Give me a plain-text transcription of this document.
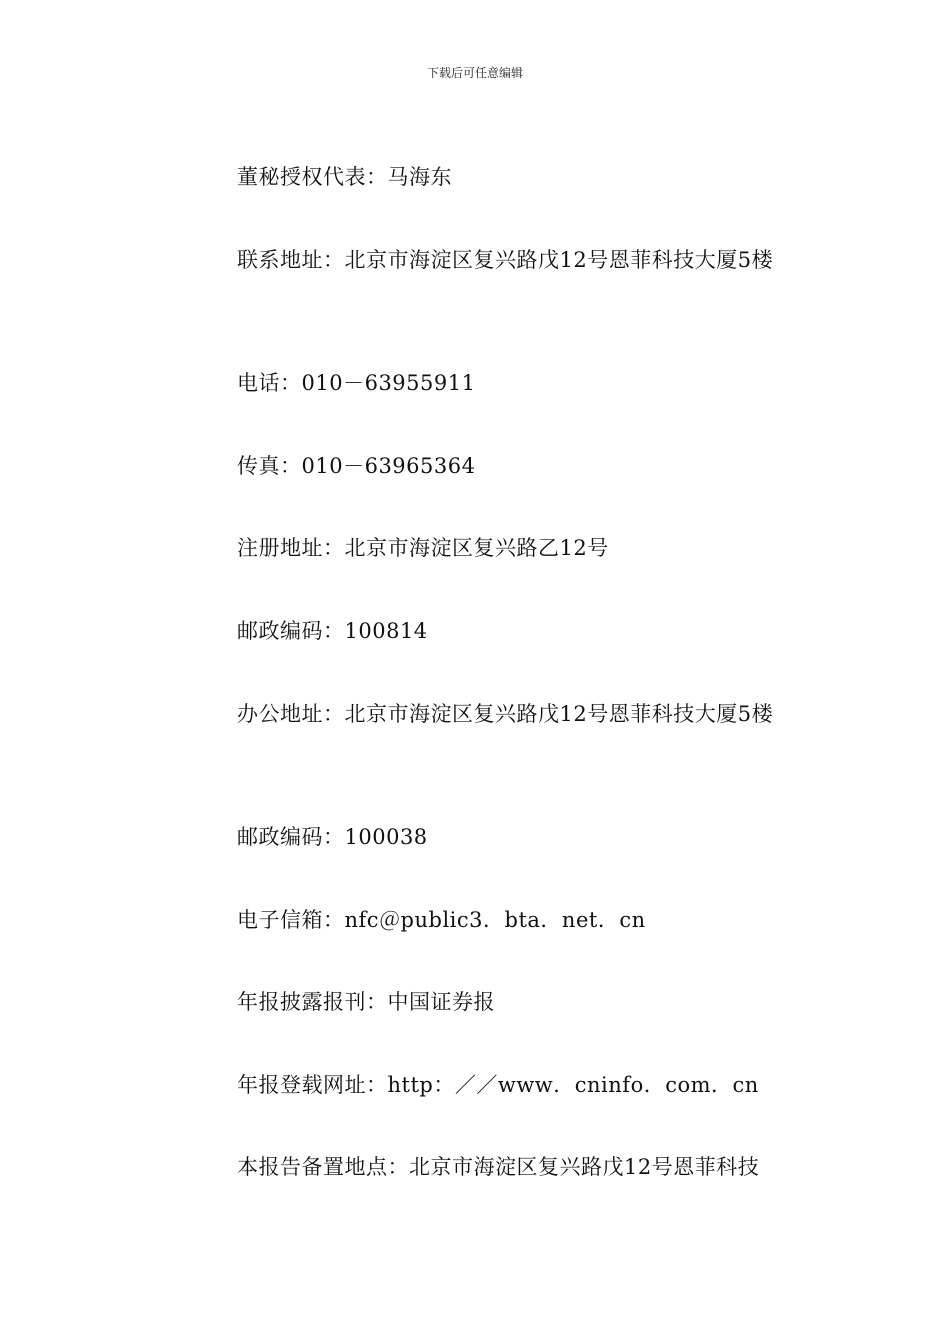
下载后可任意编辑

董秘授权代表：马海东

联系地址：北京市海淀区复兴路戊12号恩菲科技大厦5楼

电话：010－63955911

传真：010－63965364

注册地址：北京市海淀区复兴路乙12号

邮政编码：100814

办公地址：北京市海淀区复兴路戊12号恩菲科技大厦5楼

邮政编码：100038

电子信箱：nfc＠public3．bta．net．cn

年报披露报刊：中国证券报

年报登载网址：http：／／www．cninfo．com．cn

本报告备置地点：北京市海淀区复兴路戊12号恩菲科技
